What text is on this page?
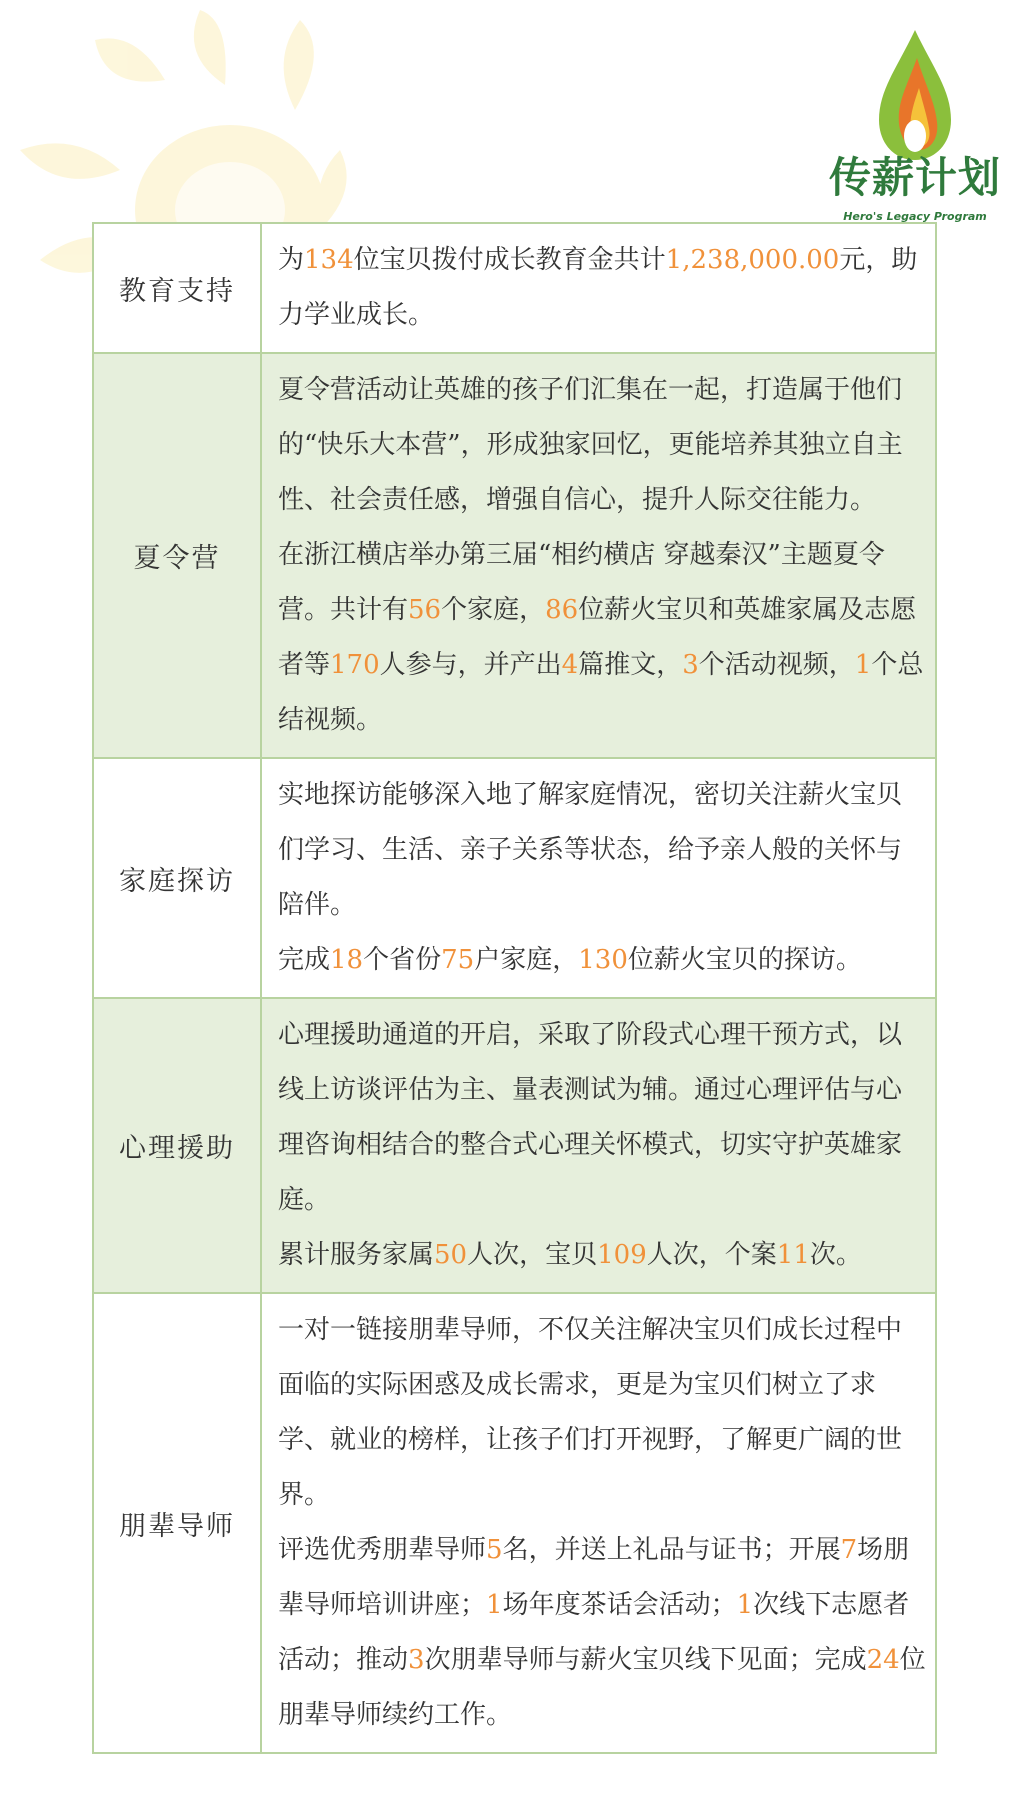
传薪计划
Hero's Legacy Program
教育支持	为134位宝贝拨付成长教育金共计1,238,000.00元，助力学业成长。

夏令营	夏令营活动让英雄的孩子们汇集在一起，打造属于他们的“快乐大本营”，形成独家回忆，更能培养其独立自主性、社会责任感，增强自信心，提升人际交往能力。
在浙江横店举办第三届“相约横店 穿越秦汉”主题夏令营。共计有56个家庭，86位薪火宝贝和英雄家属及志愿者等170人参与，并产出4篇推文，3个活动视频，1个总结视频。

家庭探访	实地探访能够深入地了解家庭情况，密切关注薪火宝贝们学习、生活、亲子关系等状态，给予亲人般的关怀与陪伴。
完成18个省份75户家庭，130位薪火宝贝的探访。

心理援助	心理援助通道的开启，采取了阶段式心理干预方式，以线上访谈评估为主、量表测试为辅。通过心理评估与心理咨询相结合的整合式心理关怀模式，切实守护英雄家庭。
累计服务家属50人次，宝贝109人次，个案11次。

朋辈导师	一对一链接朋辈导师，不仅关注解决宝贝们成长过程中面临的实际困惑及成长需求，更是为宝贝们树立了求学、就业的榜样，让孩子们打开视野，了解更广阔的世界。
评选优秀朋辈导师5名，并送上礼品与证书；开展7场朋辈导师培训讲座；1场年度茶话会活动；1次线下志愿者活动；推动3次朋辈导师与薪火宝贝线下见面；完成24位朋辈导师续约工作。
